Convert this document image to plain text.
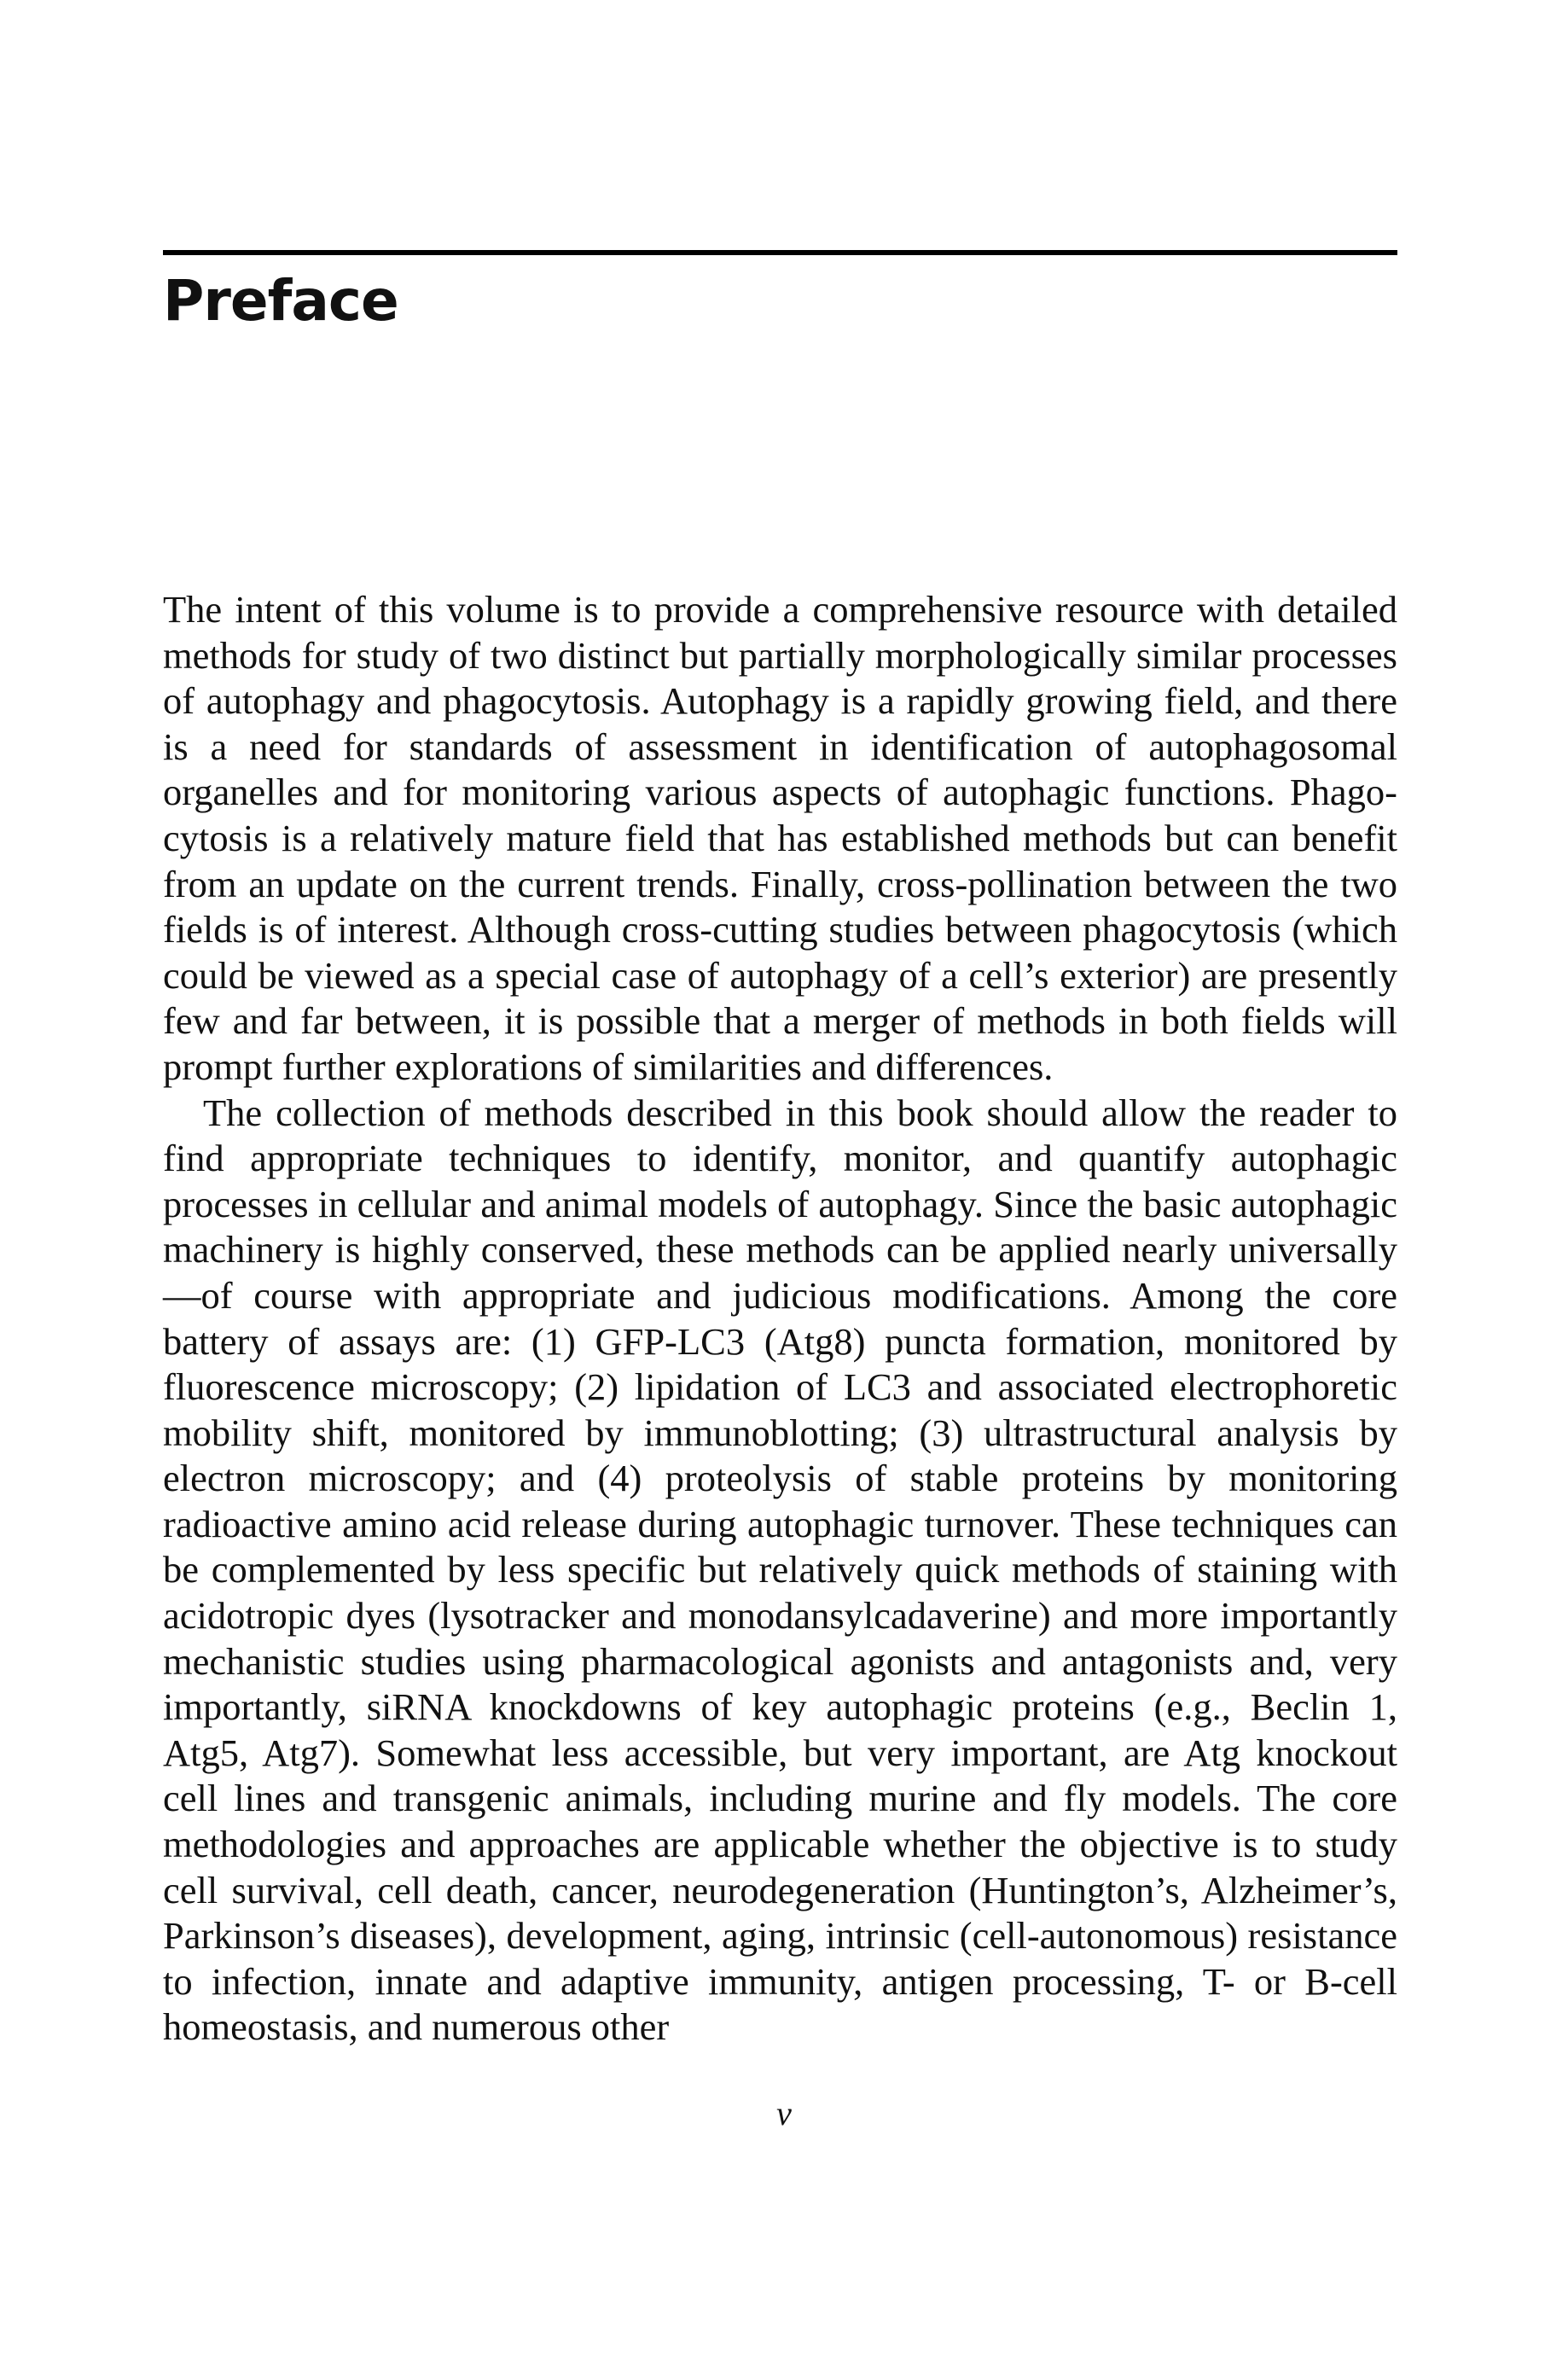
Preface

The intent of this volume is to provide a comprehensive resource with detailed methods for study of two distinct but partially morphologically similar processes of autophagy and phagocytosis. Autophagy is a rapidly growing field, and there is a need for standards of assessment in identification of autophagosomal organelles and for monitoring various aspects of autophagic functions. Phagocytosis is a relatively mature field that has established methods but can benefit from an update on the current trends. Finally, cross-pollination between the two fields is of interest. Although cross-cutting studies between phagocytosis (which could be viewed as a special case of autophagy of a cell’s exterior) are presently few and far between, it is possible that a merger of methods in both fields will prompt further explorations of similarities and differences.

The collection of methods described in this book should allow the reader to find appropriate techniques to identify, monitor, and quantify autophagic processes in cellular and animal models of autophagy. Since the basic autophagic machinery is highly conserved, these methods can be applied nearly universally—of course with appropriate and judicious modifications. Among the core battery of assays are: (1) GFP-LC3 (Atg8) puncta formation, monitored by fluorescence microscopy; (2) lipidation of LC3 and associated electrophoretic mobility shift, monitored by immunoblotting; (3) ultrastructural analysis by electron microscopy; and (4) proteolysis of stable proteins by monitoring radioactive amino acid release during autophagic turnover. These techniques can be complemented by less specific but relatively quick methods of staining with acidotropic dyes (lysotracker and monodansylcadaverine) and more importantly mechanistic studies using pharmacological agonists and antagonists and, very importantly, siRNA knockdowns of key autophagic proteins (e.g., Beclin 1, Atg5, Atg7). Somewhat less accessible, but very important, are Atg knockout cell lines and transgenic animals, including murine and fly models. The core methodologies and approaches are applicable whether the objective is to study cell survival, cell death, cancer, neurodegeneration (Huntington’s, Alzheimer’s, Parkinson’s diseases), development, aging, intrinsic (cell-autonomous) resistance to infection, innate and adaptive immunity, antigen processing, T- or B-cell homeostasis, and numerous other

v
